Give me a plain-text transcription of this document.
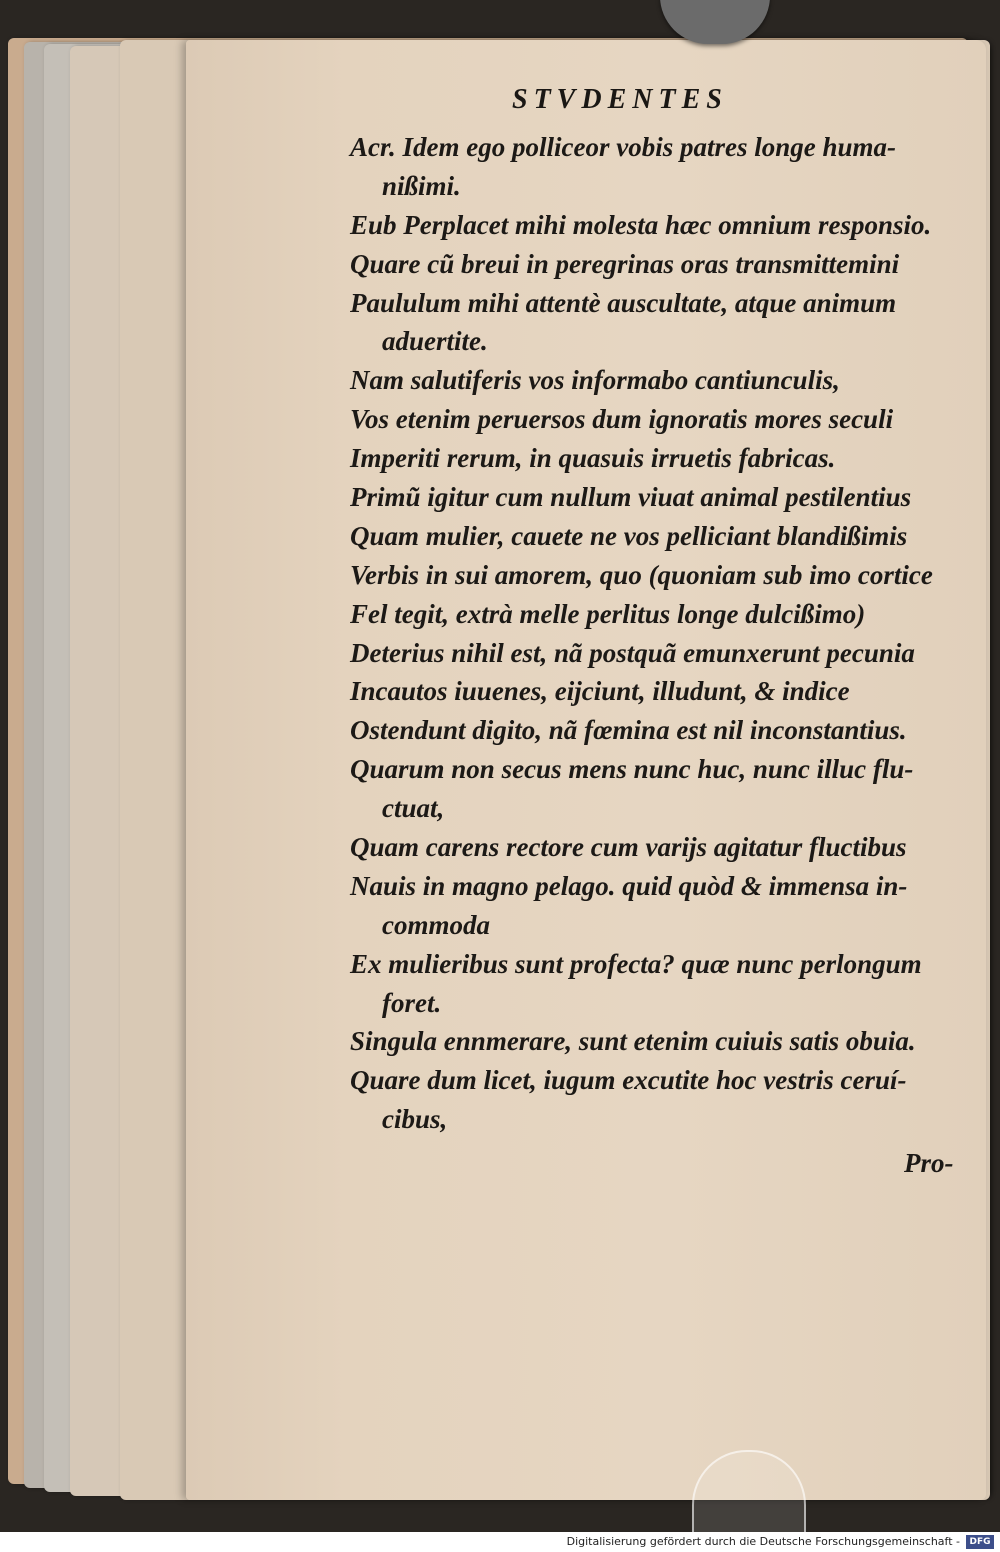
STVDENTES
Acr. Idem ego polliceor vobis patres longe huma-
nißimi.
Eub Perplacet mihi molesta hæc omnium responsio.
Quare cũ breui in peregrinas oras transmittemini
Paululum mihi attentè auscultate, atque animum
aduertite.
Nam salutiferis vos informabo cantiunculis,
Vos etenim peruersos dum ignoratis mores seculi
Imperiti rerum, in quasuis irruetis fabricas.
Primũ igitur cum nullum viuat animal pestilentius
Quam mulier, cauete ne vos pelliciant blandißimis
Verbis in sui amorem, quo (quoniam sub imo cortice
Fel tegit, extrà melle perlitus longe dulcißimo)
Deterius nihil est, nã postquã emunxerunt pecunia
Incautos iuuenes, eijciunt, illudunt, & indice
Ostendunt digito, nã fœmina est nil inconstantius.
Quarum non secus mens nunc huc, nunc illuc flu-
ctuat,
Quam carens rectore cum varijs agitatur fluctibus
Nauis in magno pelago. quid quòd & immensa in-
commoda
Ex mulieribus sunt profecta? quæ nunc perlongum
foret.
Singula ennmerare, sunt etenim cuiuis satis obuia.
Quare dum licet, iugum excutite hoc vestris ceruí-
cibus,
Pro-
Digitalisierung gefördert durch die Deutsche Forschungsgemeinschaft -	DFG
